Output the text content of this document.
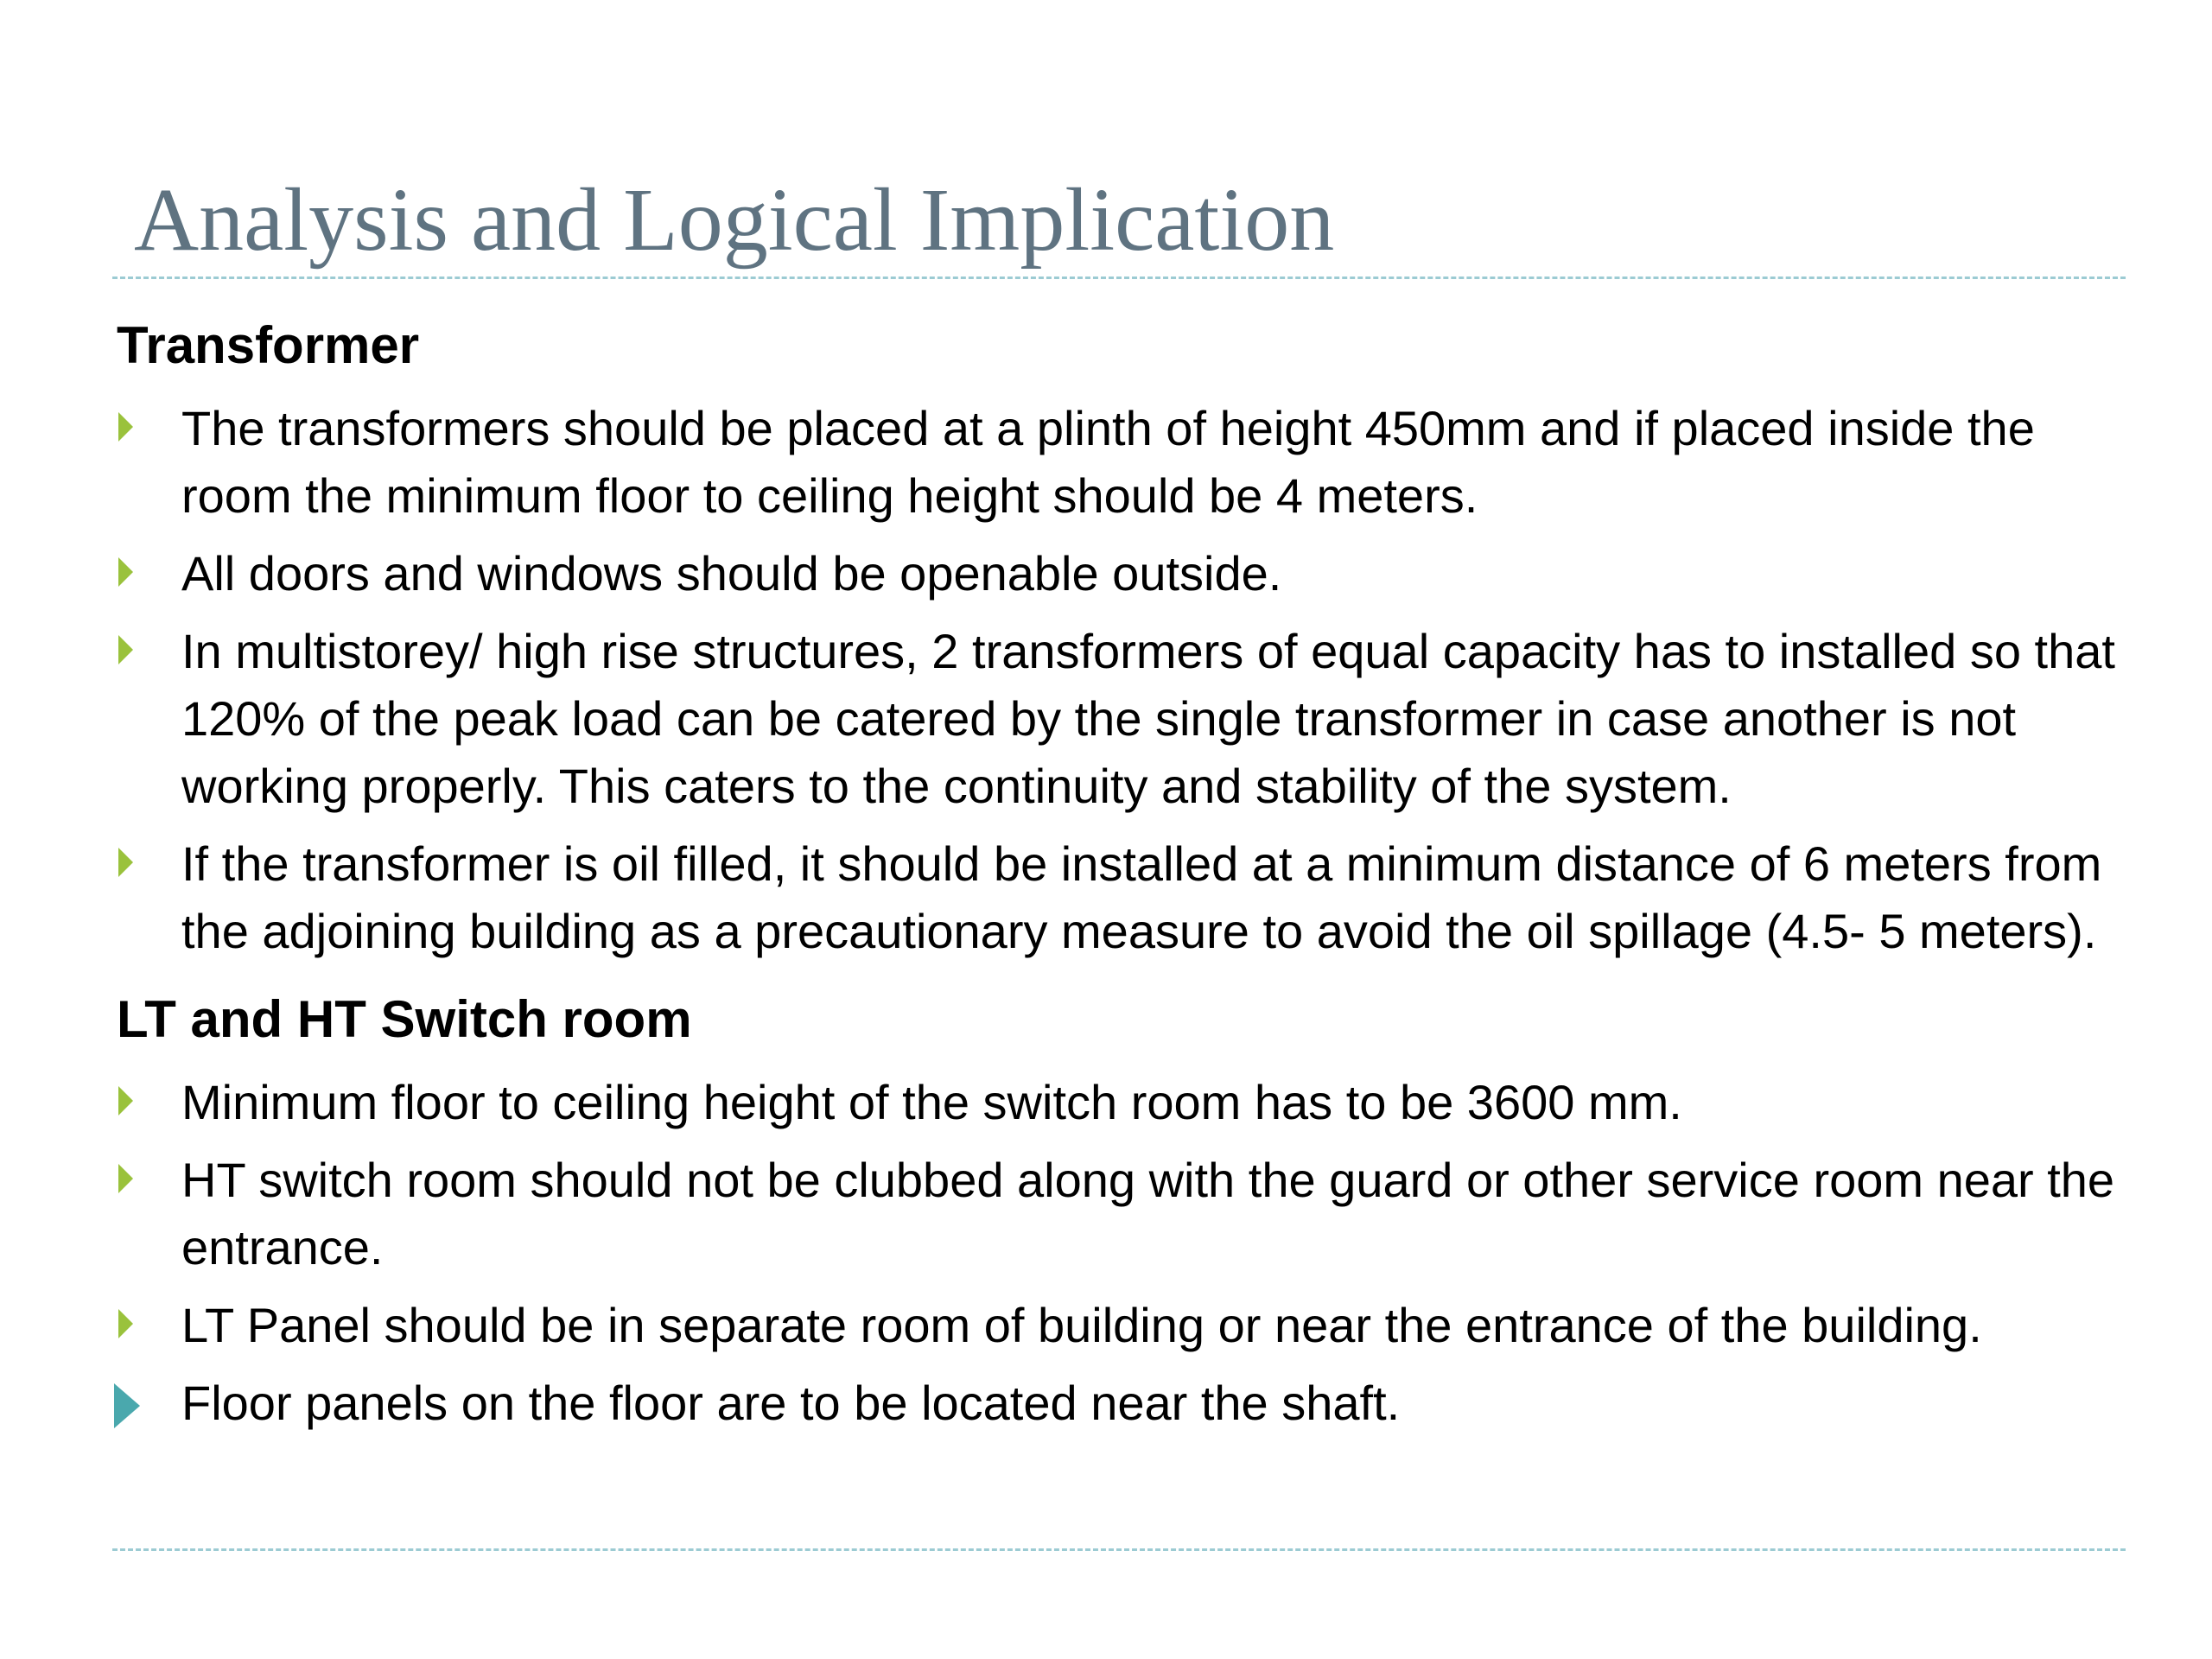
Analysis and Logical Implication
Transformer
The transformers should be placed at a plinth of height 450mm and if placed inside the room the minimum floor to ceiling height should be 4 meters.
All doors and windows should be openable outside.
In multistorey/ high rise structures, 2 transformers of equal capacity has to installed so that 120% of the peak load can be catered by the single transformer in case another is not working properly. This caters to the continuity and stability of the system.
If the transformer is oil filled, it should be installed at a minimum distance of 6 meters from the adjoining building as a precautionary measure to avoid the oil spillage (4.5- 5 meters).
LT and HT Switch room
Minimum floor to ceiling height of the switch room has to be 3600 mm.
HT switch room should not be clubbed along with the guard or other service room near the entrance.
LT Panel should be in separate room of building or near the entrance of the building.
Floor panels on the floor are to be located near the shaft.
